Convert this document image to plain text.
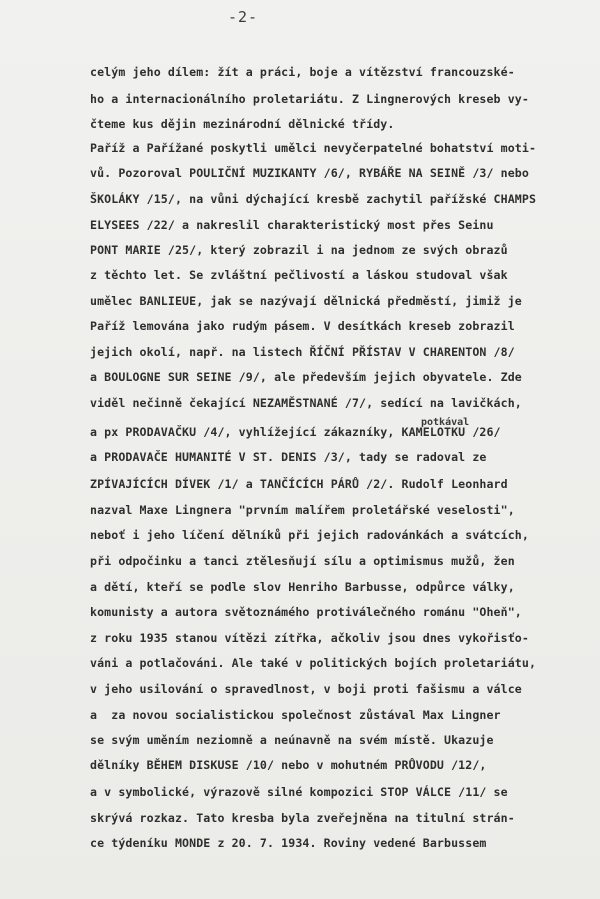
-2-
celým jeho dílem: žít a práci, boje a vítězství francouzské-
ho a internacionálního proletariátu. Z Lingnerových kreseb vy-
čteme kus dějin mezinárodní dělnické třídy.
Paříž a Pařížané poskytli umělci nevyčerpatelné bohatství moti-
vů. Pozoroval POULIČNÍ MUZIKANTY /6/, RYBÁŘE NA SEINĚ /3/ nebo
ŠKOLÁKY /15/, na vůni dýchající kresbě zachytil pařížské CHAMPS
ELYSEES /22/ a nakreslil charakteristický most přes Seinu
PONT MARIE /25/, který zobrazil i na jednom ze svých obrazů
z těchto let. Se zvláštní pečlivostí a láskou studoval však
umělec BANLIEUE, jak se nazývají dělnická předměstí, jimiž je
Paříž lemována jako rudým pásem. V desítkách kreseb zobrazil
jejich okolí, např. na listech ŘÍČNÍ PŘÍSTAV V CHARENTON /8/
a BOULOGNE SUR SEINE /9/, ale především jejich obyvatele. Zde
viděl nečinně čekající NEZAMĚSTNANÉ /7/, sedící na lavičkách,
potkával
a px PRODAVAČKU /4/, vyhlížející zákazníky, KAMELOTKU /26/
a PRODAVAČE HUMANITÉ V ST. DENIS /3/, tady se radoval ze
ZPÍVAJÍCÍCH DÍVEK /1/ a TANČÍCÍCH PÁRŮ /2/. Rudolf Leonhard
nazval Maxe Lingnera "prvním malířem proletářské veselosti",
neboť i jeho líčení dělníků při jejich radovánkách a svátcích,
při odpočinku a tanci ztělesňují sílu a optimismus mužů, žen
a dětí, kteří se podle slov Henriho Barbusse, odpůrce války,
komunisty a autora světoznámého protiválečného románu "Oheň",
z roku 1935 stanou vítězi zítřka, ačkoliv jsou dnes vykořisťo-
váni a potlačováni. Ale také v politických bojích proletariátu,
v jeho usilování o spravedlnost, v boji proti fašismu a válce
a  za novou socialistickou společnost zůstával Max Lingner
se svým uměním neziomně a neúnavně na svém místě. Ukazuje
dělníky BĚHEM DISKUSE /10/ nebo v mohutném PRŮVODU /12/,
a v symbolické, výrazově silné kompozici STOP VÁLCE /11/ se
skrývá rozkaz. Tato kresba byla zveřejněna na titulní strán-
ce týdeníku MONDE z 20. 7. 1934. Roviny vedené Barbussem
